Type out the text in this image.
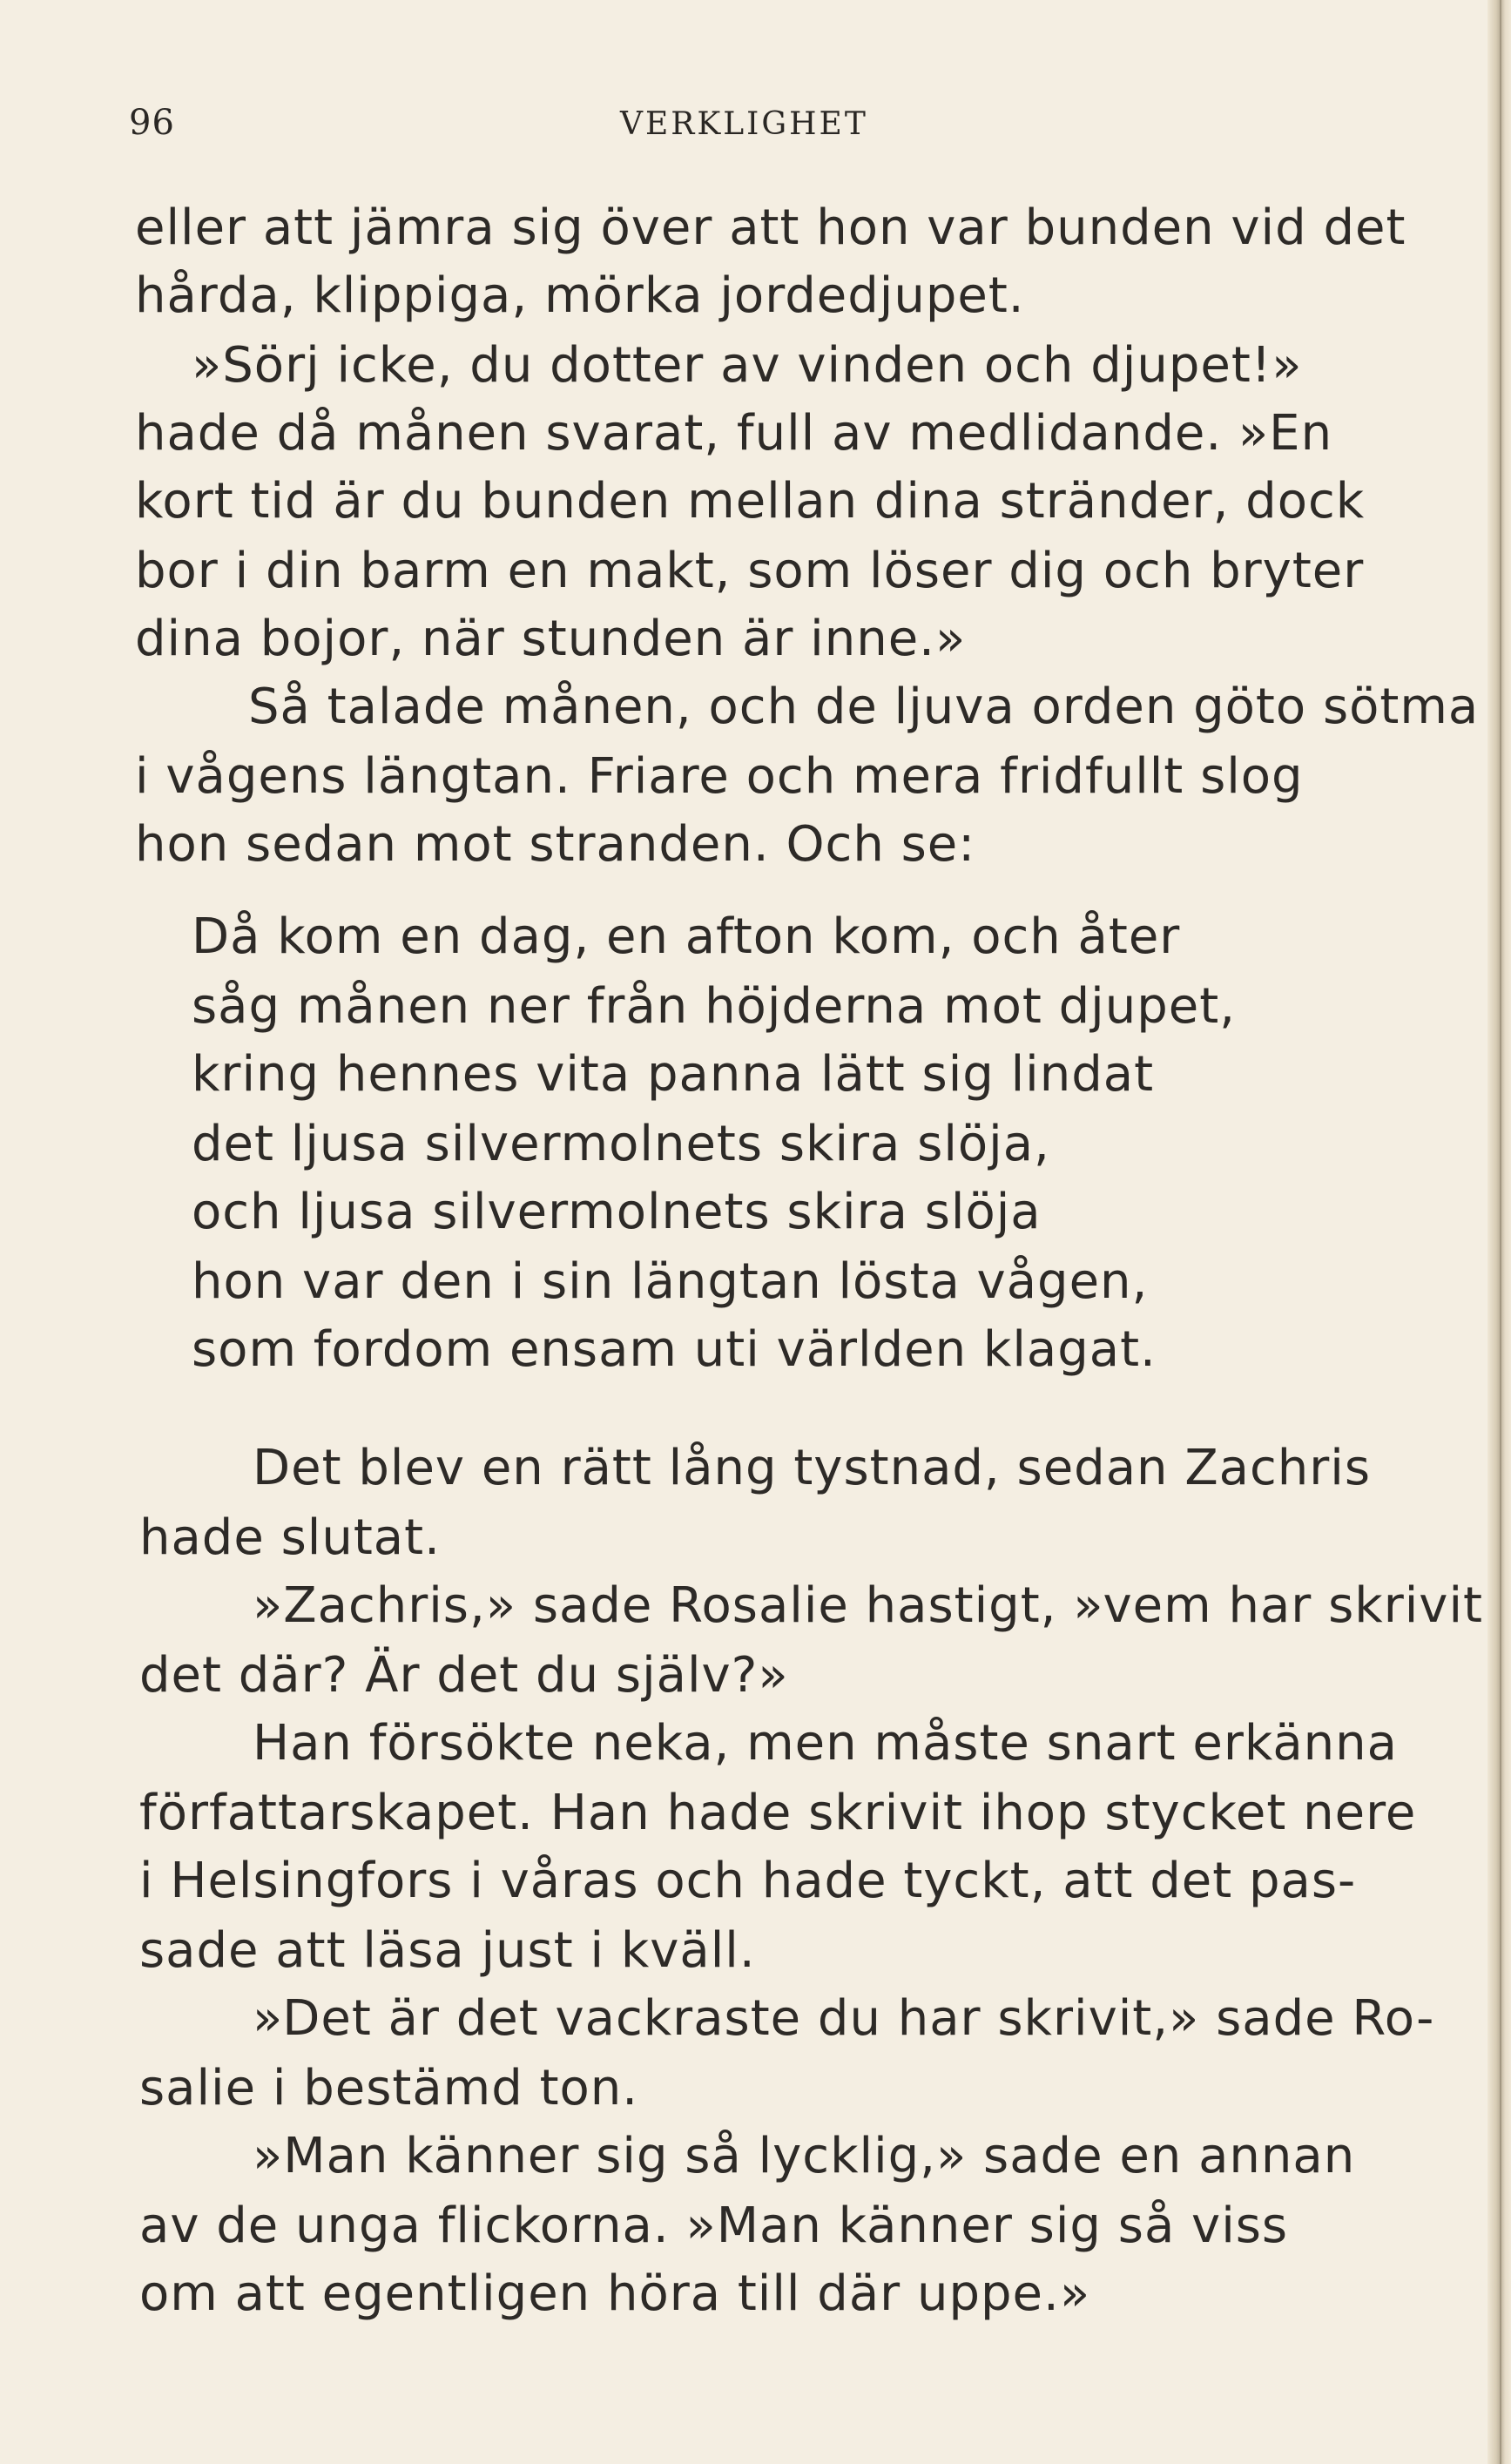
96	VERKLIGHET
eller att jämra sig över att hon var bunden vid det
hårda, klippiga, mörka jordedjupet.
»Sörj icke, du dotter av vinden och djupet!»
hade då månen svarat, full av medlidande. »En
kort tid är du bunden mellan dina stränder, dock
bor i din barm en makt, som löser dig och bryter
dina bojor, när stunden är inne.»
Så talade månen, och de ljuva orden göto sötma
i vågens längtan. Friare och mera fridfullt slog
hon sedan mot stranden. Och se:
Då kom en dag, en afton kom, och åter
såg månen ner från höjderna mot djupet,
kring hennes vita panna lätt sig lindat
det ljusa silvermolnets skira slöja,
och ljusa silvermolnets skira slöja
hon var den i sin längtan lösta vågen,
som fordom ensam uti världen klagat.
Det blev en rätt lång tystnad, sedan Zachris
hade slutat.
»Zachris,» sade Rosalie hastigt, »vem har skrivit
det där? Är det du själv?»
Han försökte neka, men måste snart erkänna
författarskapet. Han hade skrivit ihop stycket nere
i Helsingfors i våras och hade tyckt, att det pas-
sade att läsa just i kväll.
»Det är det vackraste du har skrivit,» sade Ro-
salie i bestämd ton.
»Man känner sig så lycklig,» sade en annan
av de unga flickorna. »Man känner sig så viss
om att egentligen höra till där uppe.»
